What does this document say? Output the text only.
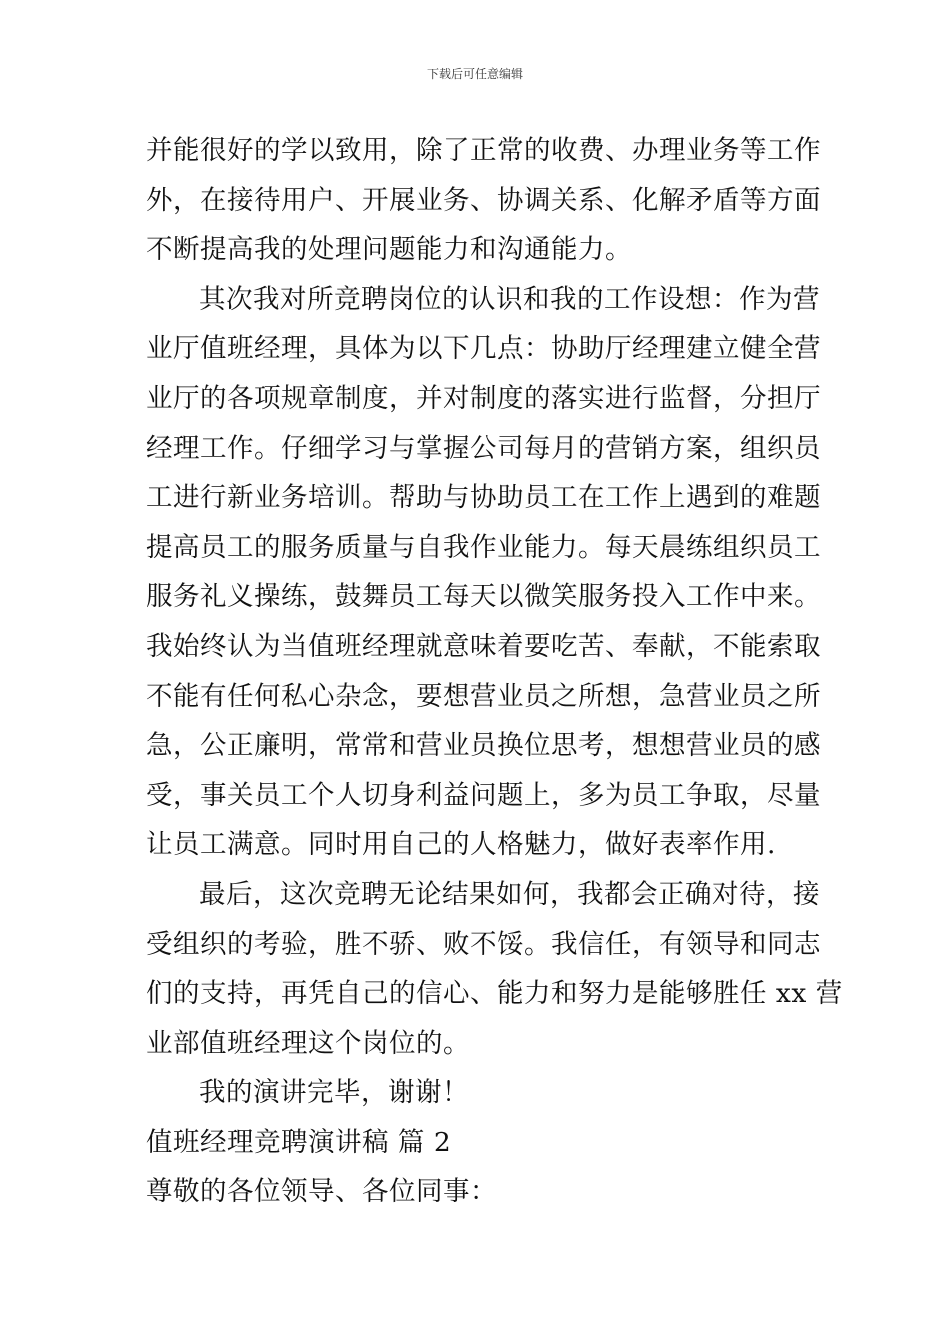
下载后可任意编辑
并能很好的学以致用，除了正常的收费、办理业务等工作
外，在接待用户、开展业务、协调关系、化解矛盾等方面
不断提高我的处理问题能力和沟通能力。
其次我对所竞聘岗位的认识和我的工作设想：作为营
业厅值班经理，具体为以下几点：协助厅经理建立健全营
业厅的各项规章制度，并对制度的落实进行监督，分担厅
经理工作。仔细学习与掌握公司每月的营销方案，组织员
工进行新业务培训。帮助与协助员工在工作上遇到的难题
提高员工的服务质量与自我作业能力。每天晨练组织员工
服务礼义操练，鼓舞员工每天以微笑服务投入工作中来。
我始终认为当值班经理就意味着要吃苦、奉献，不能索取
不能有任何私心杂念，要想营业员之所想，急营业员之所
急，公正廉明，常常和营业员换位思考，想想营业员的感
受，事关员工个人切身利益问题上，多为员工争取，尽量
让员工满意。同时用自己的人格魅力，做好表率作用.
最后，这次竞聘无论结果如何，我都会正确对待，接
受组织的考验，胜不骄、败不馁。我信任，有领导和同志
们的支持，再凭自己的信心、能力和努力是能够胜任 xx 营
业部值班经理这个岗位的。
我的演讲完毕，谢谢！
值班经理竞聘演讲稿 篇 2
尊敬的各位领导、各位同事：
